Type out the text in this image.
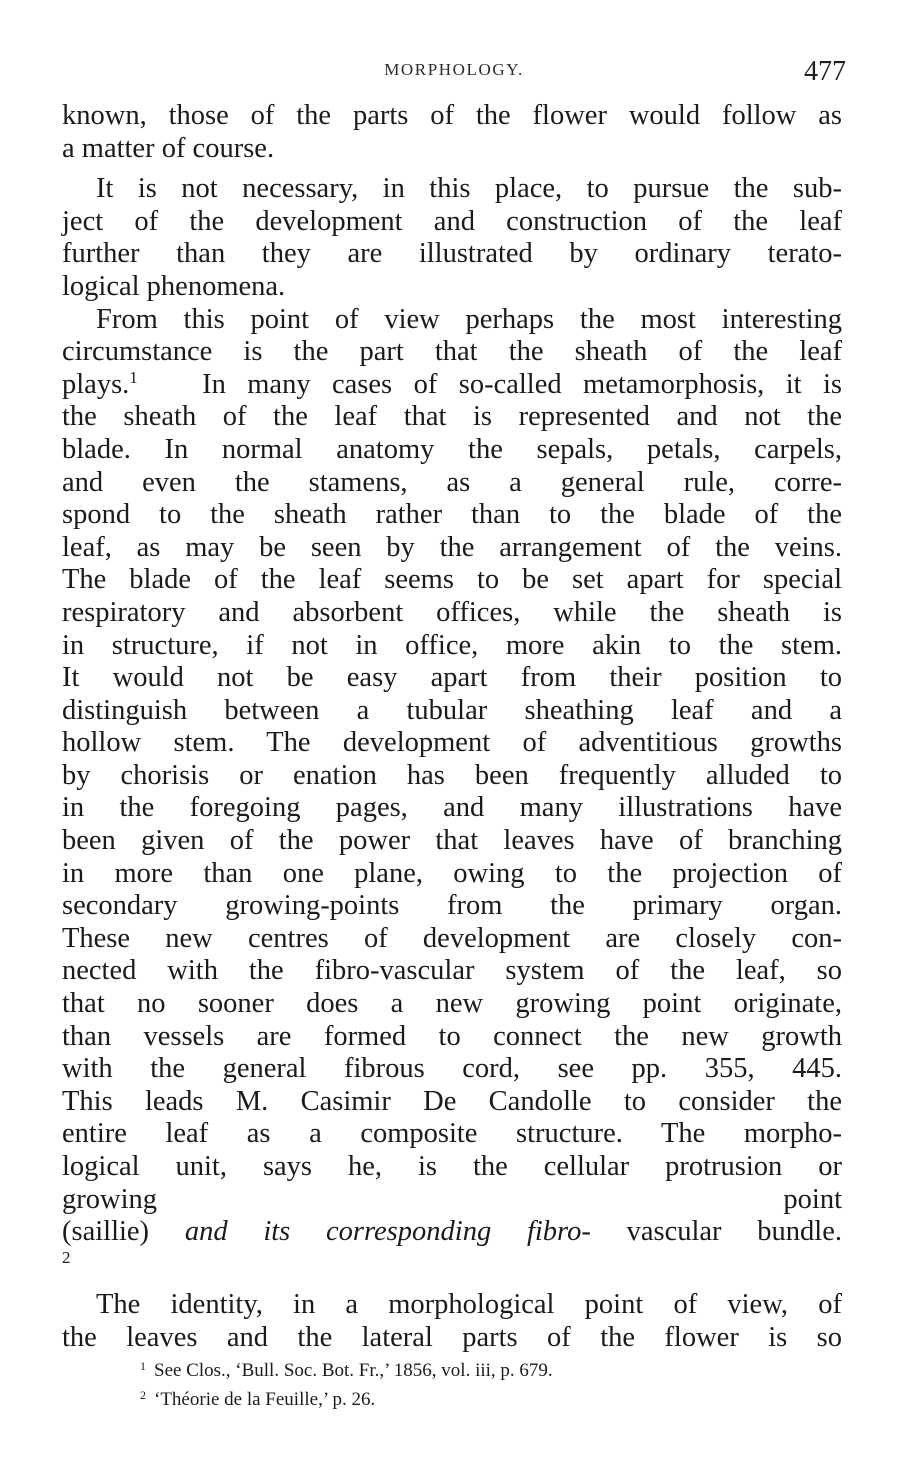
MORPHOLOGY.	477
known, those of the parts of the flower would follow as
a matter of course.
It is not necessary, in this place, to pursue the sub-
ject of the development and construction of the leaf
further than they are illustrated by ordinary terato-
logical phenomena.
From this point of view perhaps the most interesting
circumstance is the part that the sheath of the leaf
plays.$^1$ In many cases of so-called metamorphosis, it is
the sheath of the leaf that is represented and not the
blade. In normal anatomy the sepals, petals, carpels,
and even the stamens, as a general rule, corre-
spond to the sheath rather than to the blade of the
leaf, as may be seen by the arrangement of the veins.
The blade of the leaf seems to be set apart for special
respiratory and absorbent offices, while the sheath is
in structure, if not in office, more akin to the stem.
It would not be easy apart from their position to
distinguish between a tubular sheathing leaf and a
hollow stem. The development of adventitious growths
by chorisis or enation has been frequently alluded to
in the foregoing pages, and many illustrations have
been given of the power that leaves have of branching
in more than one plane, owing to the projection of
secondary growing-points from the primary organ.
These new centres of development are closely con-
nected with the fibro-vascular system of the leaf, so
that no sooner does a new growing point originate,
than vessels are formed to connect the new growth
with the general fibrous cord, see pp. 355, 445.
This leads M. Casimir De Candolle to consider the
entire leaf as a composite structure. The morpho-
logical unit, says he, is the cellular protrusion or
growing point
(saillie) and its corresponding fibro- vascular bundle.
$^2$
The identity, in a morphological point of view, of
the leaves and the lateral parts of the flower is so
$^1$ See Clos., ‘Bull. Soc. Bot. Fr.,’ 1856, vol. iii, p. 679.
$^2$ ‘Théorie de la Feuille,’ p. 26.
